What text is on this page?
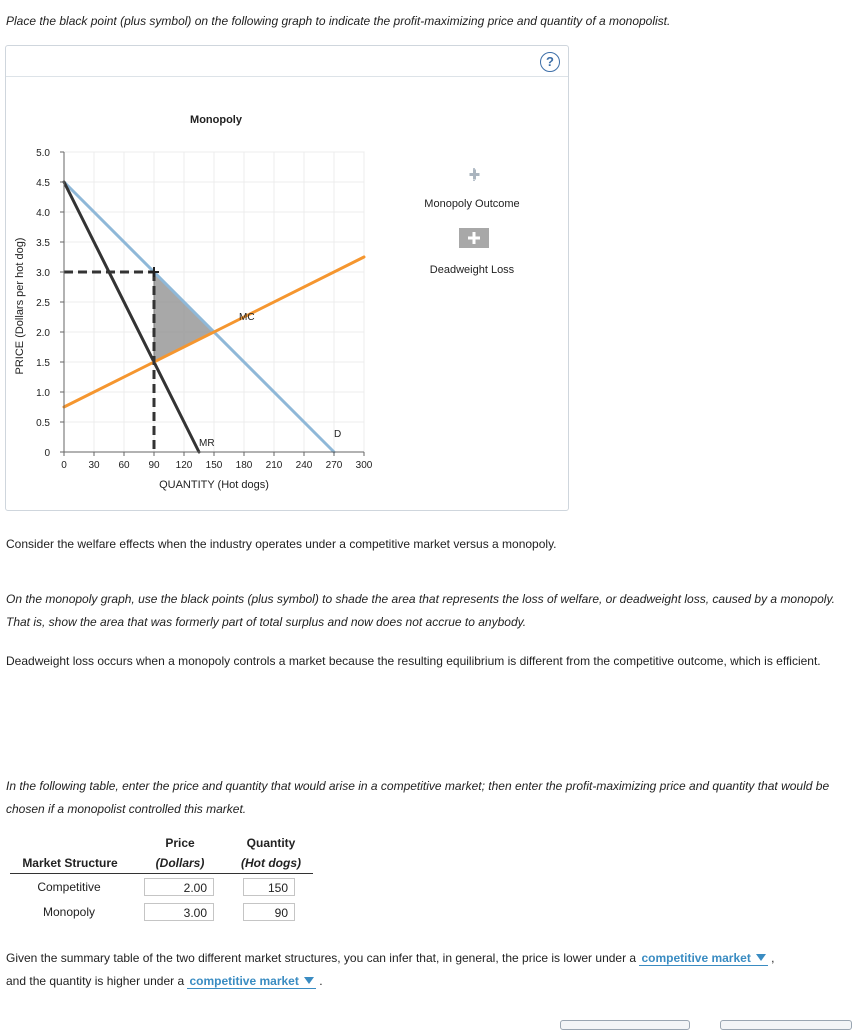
Place the black point (plus symbol) on the following graph to indicate the profit-maximizing price and quantity of a monopolist.
?
D
MR
MC
0 30 60 90 120 150 180 210 240 270 300
0
0.5
1.0
1.5
2.0
2.5
3.0
3.5
4.0
4.5
5.0
Monopoly
QUANTITY (Hot dogs)
PRICE (Dollars per hot dog)
Monopoly Outcome
Deadweight Loss
Consider the welfare effects when the industry operates under a competitive market versus a monopoly.
On the monopoly graph, use the black points (plus symbol) to shade the area that represents the loss of welfare, or deadweight loss, caused by a monopoly. That is, show the area that was formerly part of total surplus and now does not accrue to anybody.
Deadweight loss occurs when a monopoly controls a market because the resulting equilibrium is different from the competitive outcome, which is efficient.
In the following table, enter the price and quantity that would arise in a competitive market; then enter the profit-maximizing price and quantity that would be chosen if a monopolist controlled this market.
Price
(Dollars)
Quantity
(Hot dogs)
Market Structure
Competitive	2.00	150
Monopoly	3.00	90
Given the summary table of the two different market structures, you can infer that, in general, the price is lower under a competitive market ,
and the quantity is higher under a competitive market .
